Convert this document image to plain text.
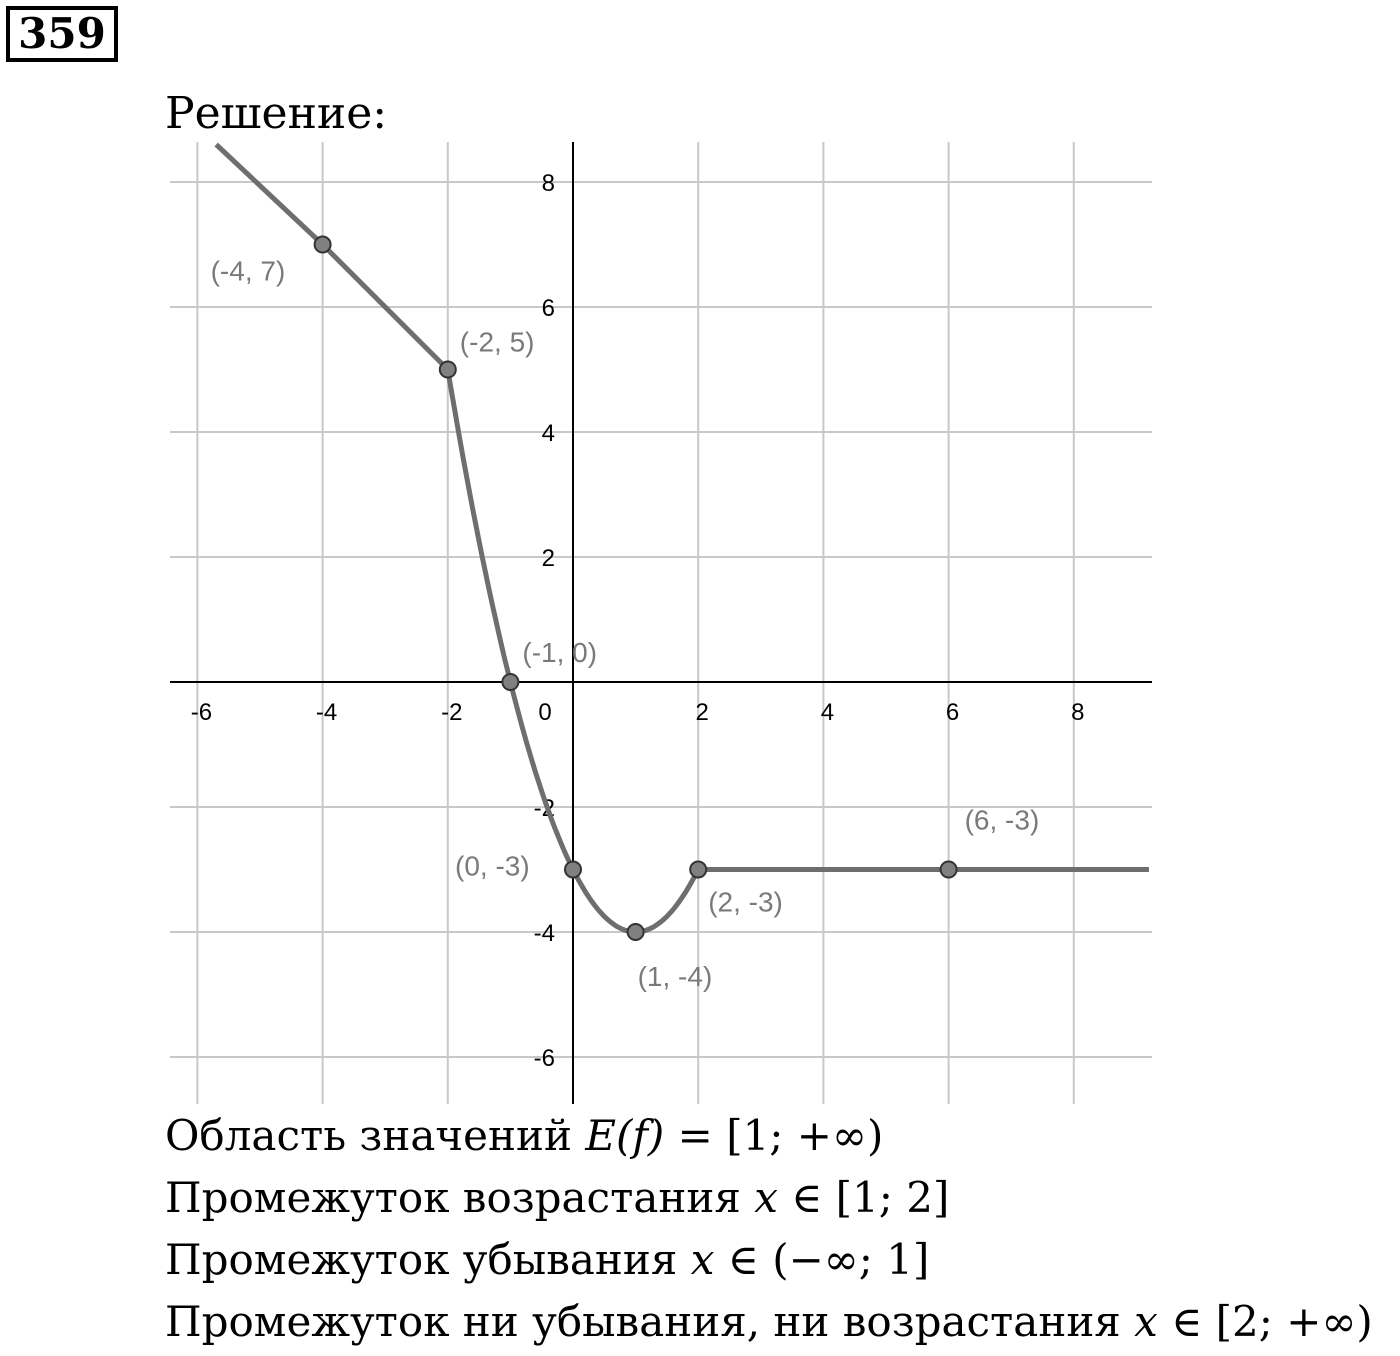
359
Решение:
-6	-4	-2	0	2	4	6	8
-6
-4
-2
2
4
6
8
(-4, 7)
(-2, 5)
(-1, 0)
(0, -3)
(1, -4)
(2, -3)
(6, -3)
Область значений E(f) = [1; +∞)
Промежуток возрастания x ∈ [1; 2]
Промежуток убывания x ∈ (−∞; 1]
Промежуток ни убывания, ни возрастания x ∈ [2; +∞)
